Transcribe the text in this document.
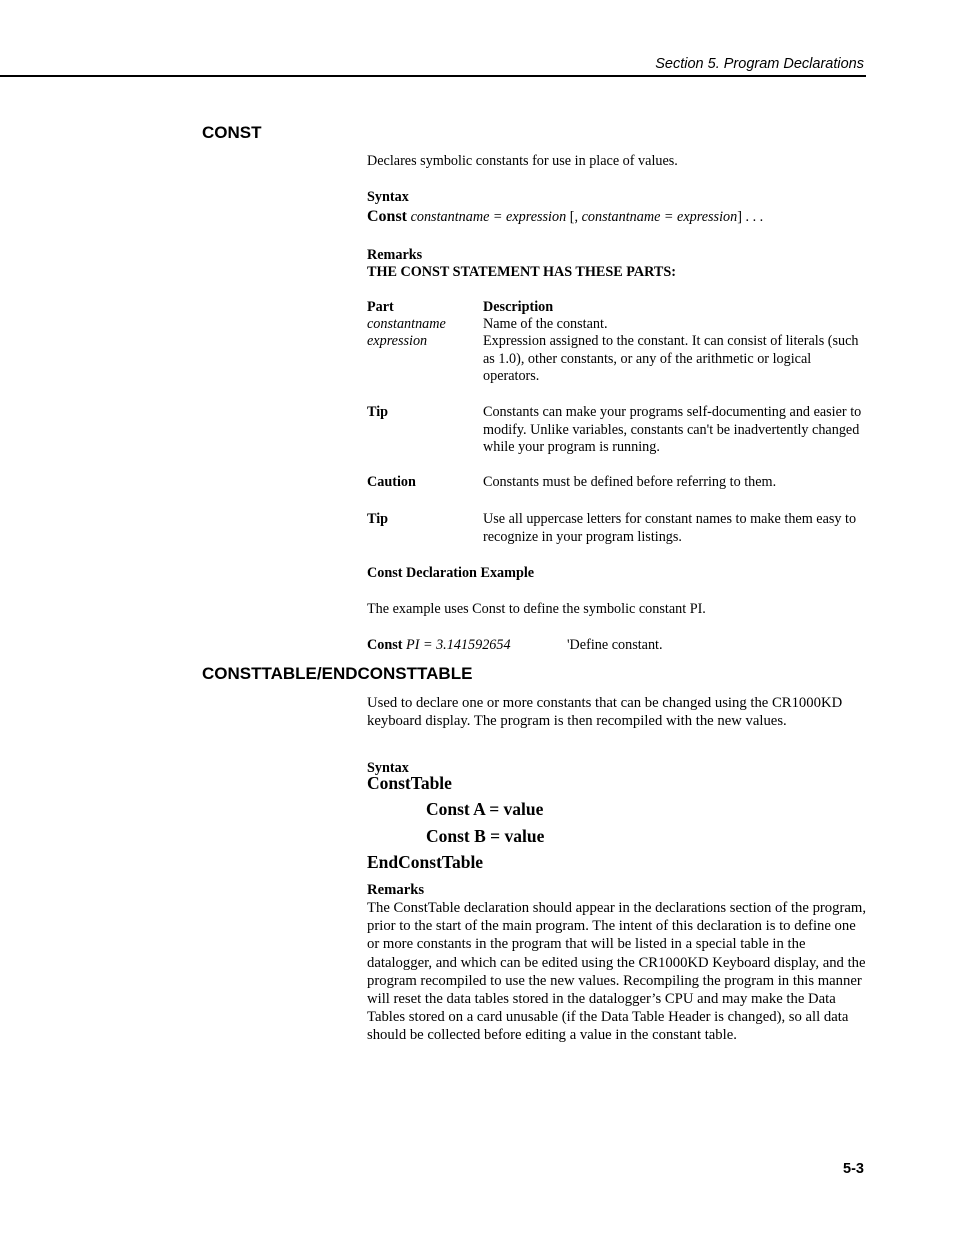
Section 5. Program Declarations
CONST
Declares symbolic constants for use in place of values.
Syntax
Const constantname = expression [, constantname = expression] . . .
Remarks
THE CONST STATEMENT HAS THESE PARTS:
Part	Description
constantname	Name of the constant.
expression	Expression assigned to the constant. It can consist of literals (such as 1.0), other constants, or any of the arithmetic or logical operators.
Tip	Constants can make your programs self-documenting and easier to modify. Unlike variables, constants can't be inadvertently changed while your program is running.
Caution	Constants must be defined before referring to them.
Tip	Use all uppercase letters for constant names to make them easy to recognize in your program listings.
Const Declaration Example
The example uses Const to define the symbolic constant PI.
Const PI = 3.141592654	'Define constant.
CONSTTABLE/ENDCONSTTABLE
Used to declare one or more constants that can be changed using the CR1000KD keyboard display. The program is then recompiled with the new values.
Syntax
ConstTable
Const A = value
Const B = value
EndConstTable
Remarks
The ConstTable declaration should appear in the declarations section of the program, prior to the start of the main program. The intent of this declaration is to define one or more constants in the program that will be listed in a special table in the datalogger, and which can be edited using the CR1000KD Keyboard display, and the program recompiled to use the new values. Recompiling the program in this manner will reset the data tables stored in the datalogger’s CPU and may make the Data Tables stored on a card unusable (if the Data Table Header is changed), so all data should be collected before editing a value in the constant table.
5-3
